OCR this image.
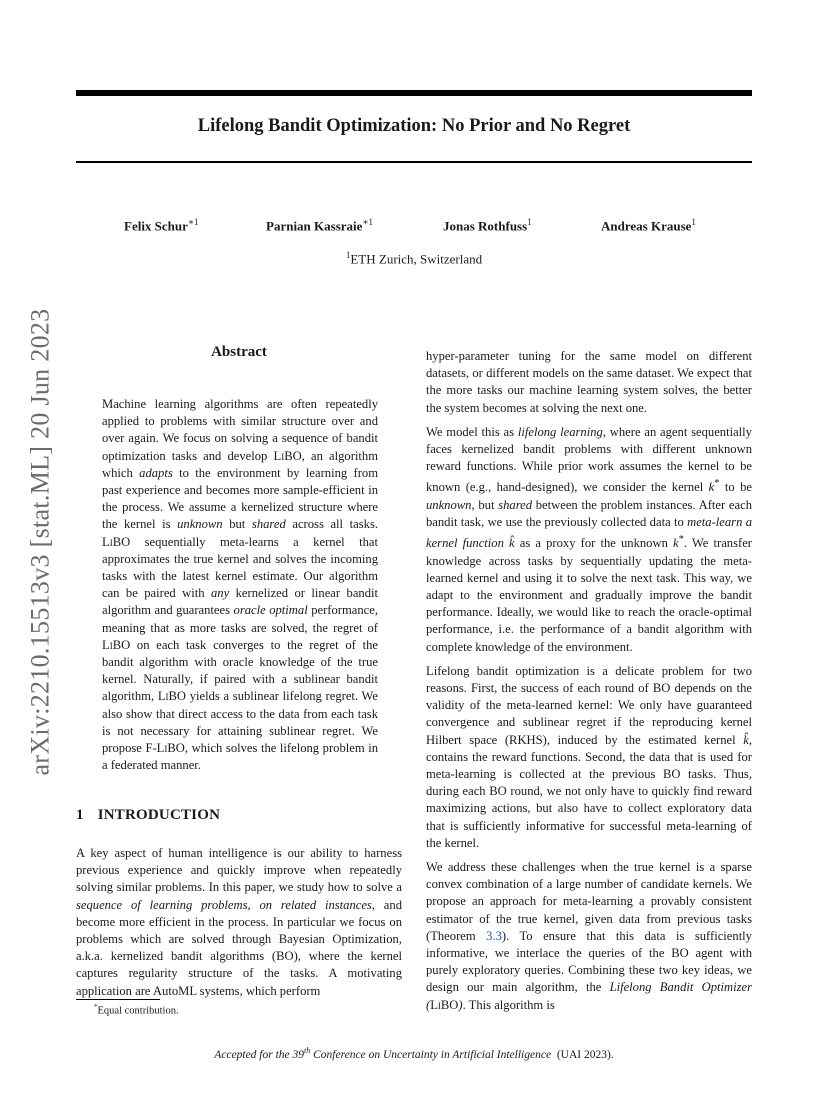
Lifelong Bandit Optimization: No Prior and No Regret
Felix Schur$^{∗1}$	Parnian Kassraie$^{∗1}$	Jonas Rothfuss$^1$	Andreas Krause$^1$
$^1$ETH Zurich, Switzerland
arXiv:2210.15513v3 [stat.ML] 20 Jun 2023	Abstract

Machine learning algorithms are often repeatedly applied to problems with similar structure over and over again. We focus on solving a sequence of bandit optimization tasks and develop LiBO, an algorithm which adapts to the environment by learning from past experience and becomes more sample-efficient in the process. We assume a kernelized structure where the kernel is unknown but shared across all tasks. LiBO sequentially meta-learns a kernel that approximates the true kernel and solves the incoming tasks with the latest kernel estimate. Our algorithm can be paired with any kernelized or linear bandit algorithm and guarantees oracle optimal performance, meaning that as more tasks are solved, the regret of LiBO on each task converges to the regret of the bandit algorithm with oracle knowledge of the true kernel. Naturally, if paired with a sublinear bandit algorithm, LiBO yields a sublinear lifelong regret. We also show that direct access to the data from each task is not necessary for attaining sublinear regret. We propose F-LiBO, which solves the lifelong problem in a federated manner.

1 INTRODUCTION

A key aspect of human intelligence is our ability to harness previous experience and quickly improve when repeatedly solving similar problems. In this paper, we study how to solve a sequence of learning problems, on related instances, and become more efficient in the process. In particular we focus on problems which are solved through Bayesian Optimization, a.k.a. kernelized bandit algorithms (BO), where the kernel captures regularity structure of the tasks. A motivating application are AutoML systems, which perform

*Equal contribution.

hyper-parameter tuning for the same model on different datasets, or different models on the same dataset. We expect that the more tasks our machine learning system solves, the better the system becomes at solving the next one.

We model this as lifelong learning, where an agent sequentially faces kernelized bandit problems with different unknown reward functions. While prior work assumes the kernel to be known (e.g., hand-designed), we consider the kernel k* to be unknown, but shared between the problem instances. After each bandit task, we use the previously collected data to meta-learn a kernel function k̂ as a proxy for the unknown k*. We transfer knowledge across tasks by sequentially updating the meta-learned kernel and using it to solve the next task. This way, we adapt to the environment and gradually improve the bandit performance. Ideally, we would like to reach the oracle-optimal performance, i.e. the performance of a bandit algorithm with complete knowledge of the environment.

Lifelong bandit optimization is a delicate problem for two reasons. First, the success of each round of BO depends on the validity of the meta-learned kernel: We only have guaranteed convergence and sublinear regret if the reproducing kernel Hilbert space (RKHS), induced by the estimated kernel k̂, contains the reward functions. Second, the data that is used for meta-learning is collected at the previous BO tasks. Thus, during each BO round, we not only have to quickly find reward maximizing actions, but also have to collect exploratory data that is sufficiently informative for successful meta-learning of the kernel.

We address these challenges when the true kernel is a sparse convex combination of a large number of candidate kernels. We propose an approach for meta-learning a provably consistent estimator of the true kernel, given data from previous tasks (Theorem 3.3). To ensure that this data is sufficiently informative, we interlace the queries of the BO agent with purely exploratory queries. Combining these two key ideas, we design our main algorithm, the Lifelong Bandit Optimizer (LiBO). This algorithm is

Accepted for the 39th Conference on Uncertainty in Artificial Intelligence (UAI 2023).
